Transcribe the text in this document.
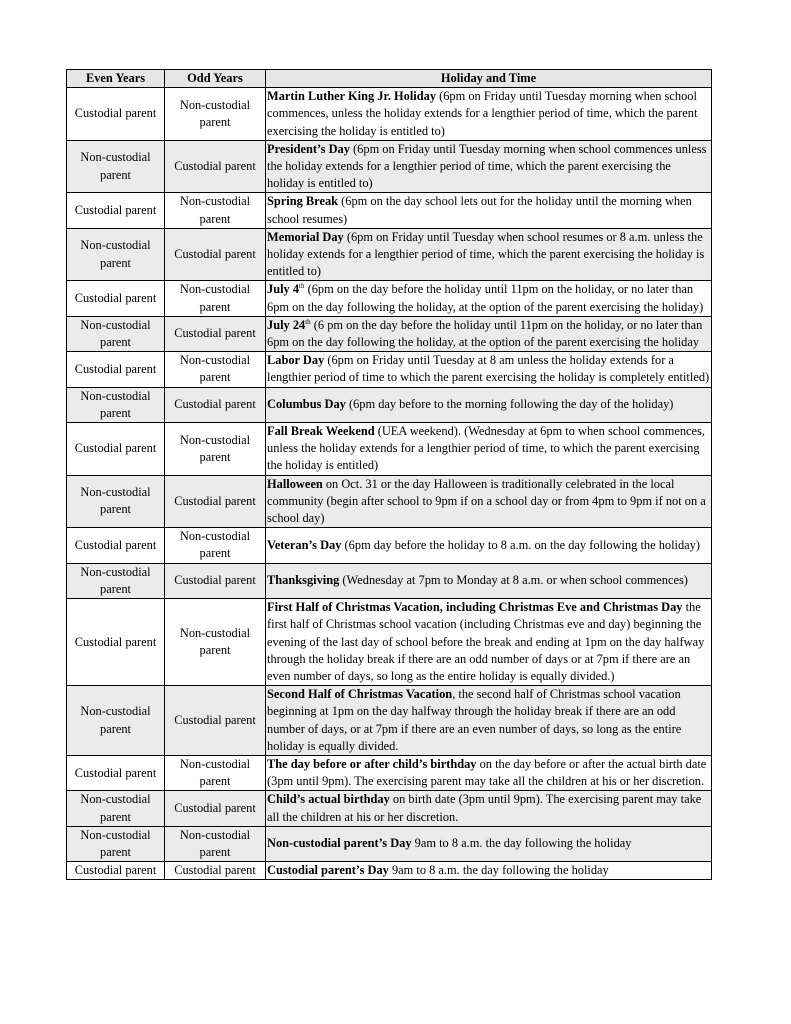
Even Years	Odd Years	Holiday and Time
Custodial parent	Non-custodial parent	Martin Luther King Jr. Holiday (6pm on Friday until Tuesday morning when school commences, unless the holiday extends for a lengthier period of time, which the parent exercising the holiday is entitled to)
Non-custodial parent	Custodial parent	President’s Day (6pm on Friday until Tuesday morning when school commences unless the holiday extends for a lengthier period of time, which the parent exercising the holiday is entitled to)
Custodial parent	Non-custodial parent	Spring Break (6pm on the day school lets out for the holiday until the morning when school resumes)
Non-custodial parent	Custodial parent	Memorial Day (6pm on Friday until Tuesday when school resumes or 8 a.m. unless the holiday extends for a lengthier period of time, which the parent exercising the holiday is entitled to)
Custodial parent	Non-custodial parent	July 4th (6pm on the day before the holiday until 11pm on the holiday, or no later than 6pm on the day following the holiday, at the option of the parent exercising the holiday)
Non-custodial parent	Custodial parent	July 24th (6 pm on the day before the holiday until 11pm on the holiday, or no later than 6pm on the day following the holiday, at the option of the parent exercising the holiday
Custodial parent	Non-custodial parent	Labor Day (6pm on Friday until Tuesday at 8 am unless the holiday extends for a lengthier period of time to which the parent exercising the holiday is completely entitled)
Non-custodial parent	Custodial parent	Columbus Day (6pm day before to the morning following the day of the holiday)
Custodial parent	Non-custodial parent	Fall Break Weekend (UEA weekend). (Wednesday at 6pm to when school commences, unless the holiday extends for a lengthier period of time, to which the parent exercising the holiday is entitled)
Non-custodial parent	Custodial parent	Halloween on Oct. 31 or the day Halloween is traditionally celebrated in the local community (begin after school to 9pm if on a school day or from 4pm to 9pm if not on a school day)
Custodial parent	Non-custodial parent	Veteran’s Day (6pm day before the holiday to 8 a.m. on the day following the holiday)
Non-custodial parent	Custodial parent	Thanksgiving (Wednesday at 7pm to Monday at 8 a.m. or when school commences)
Custodial parent	Non-custodial parent	First Half of Christmas Vacation, including Christmas Eve and Christmas Day the first half of Christmas school vacation (including Christmas eve and day) beginning the evening of the last day of school before the break and ending at 1pm on the day halfway through the holiday break if there are an odd number of days or at 7pm if there are an even number of days, so long as the entire holiday is equally divided.)
Non-custodial parent	Custodial parent	Second Half of Christmas Vacation, the second half of Christmas school vacation beginning at 1pm on the day halfway through the holiday break if there are an odd number of days, or at 7pm if there are an even number of days, so long as the entire holiday is equally divided.
Custodial parent	Non-custodial parent	The day before or after child’s birthday on the day before or after the actual birth date (3pm until 9pm). The exercising parent may take all the children at his or her discretion.
Non-custodial parent	Custodial parent	Child’s actual birthday on birth date (3pm until 9pm). The exercising parent may take all the children at his or her discretion.
Non-custodial parent	Non-custodial parent	Non-custodial parent’s Day 9am to 8 a.m. the day following the holiday
Custodial parent	Custodial parent	Custodial parent’s Day 9am to 8 a.m. the day following the holiday
